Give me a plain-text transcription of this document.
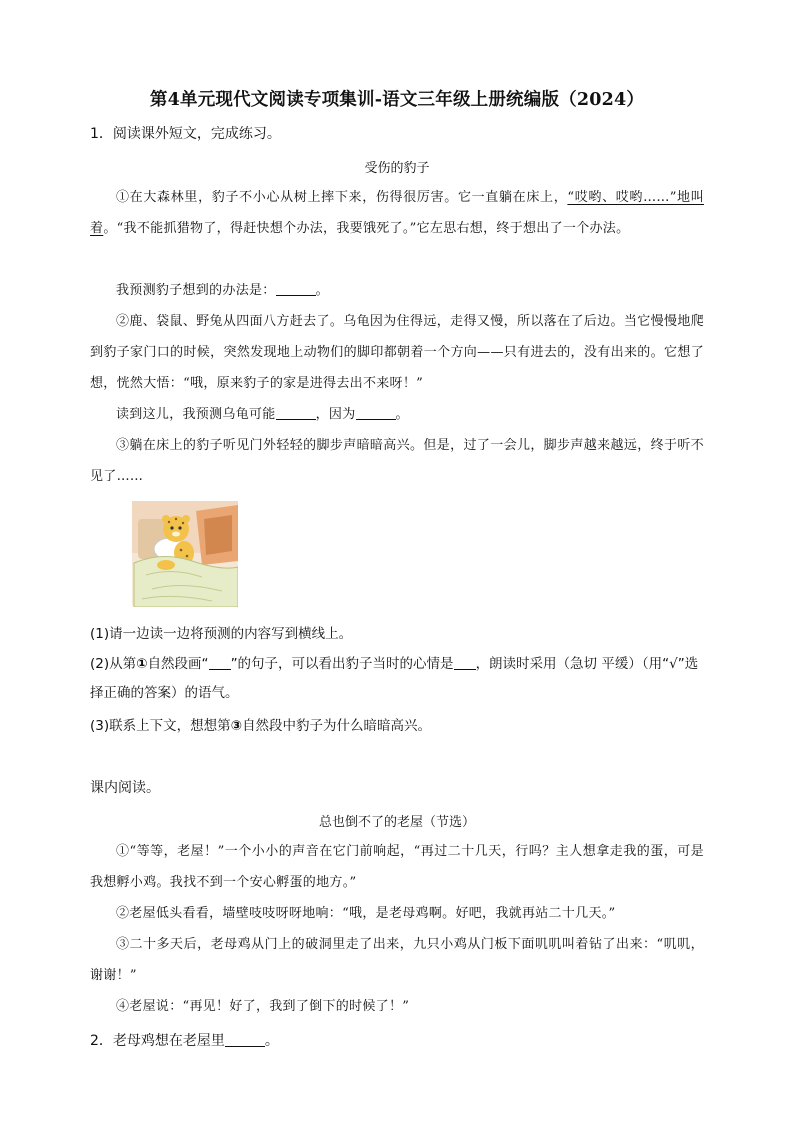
第4单元现代文阅读专项集训-语文三年级上册统编版（2024）
1．阅读课外短文，完成练习。
受伤的豹子
①在大森林里，豹子不小心从树上摔下来，伤得很厉害。它一直躺在床上，“哎哟、哎哟……”地叫着。“我不能抓猎物了，得赶快想个办法，我要饿死了。”它左思右想，终于想出了一个办法。
我预测豹子想到的办法是：	。
②鹿、袋鼠、野兔从四面八方赶去了。乌龟因为住得远，走得又慢，所以落在了后边。当它慢慢地爬到豹子家门口的时候，突然发现地上动物们的脚印都朝着一个方向——只有进去的，没有出来的。它想了想，恍然大悟：“哦，原来豹子的家是进得去出不来呀！”
读到这儿，我预测乌龟可能	，因为	。
③躺在床上的豹子听见门外轻轻的脚步声暗暗高兴。但是，过了一会儿，脚步声越来越远，终于听不见了……
(1)请一边读一边将预测的内容写到横线上。
(2)从第①自然段画“ ”的句子，可以看出豹子当时的心情是 ，朗读时采用（急切 平缓）（用“√”选择正确的答案）的语气。
(3)联系上下文，想想第③自然段中豹子为什么暗暗高兴。
课内阅读。
总也倒不了的老屋（节选）
①“等等，老屋！”一个小小的声音在它门前响起，“再过二十几天，行吗？主人想拿走我的蛋，可是我想孵小鸡。我找不到一个安心孵蛋的地方。”
②老屋低头看看，墙壁吱吱呀呀地响：“哦，是老母鸡啊。好吧，我就再站二十几天。”
③二十多天后，老母鸡从门上的破洞里走了出来，九只小鸡从门板下面叽叽叫着钻了出来：“叽叽，谢谢！”
④老屋说：“再见！好了，我到了倒下的时候了！”
2．老母鸡想在老屋里	。
